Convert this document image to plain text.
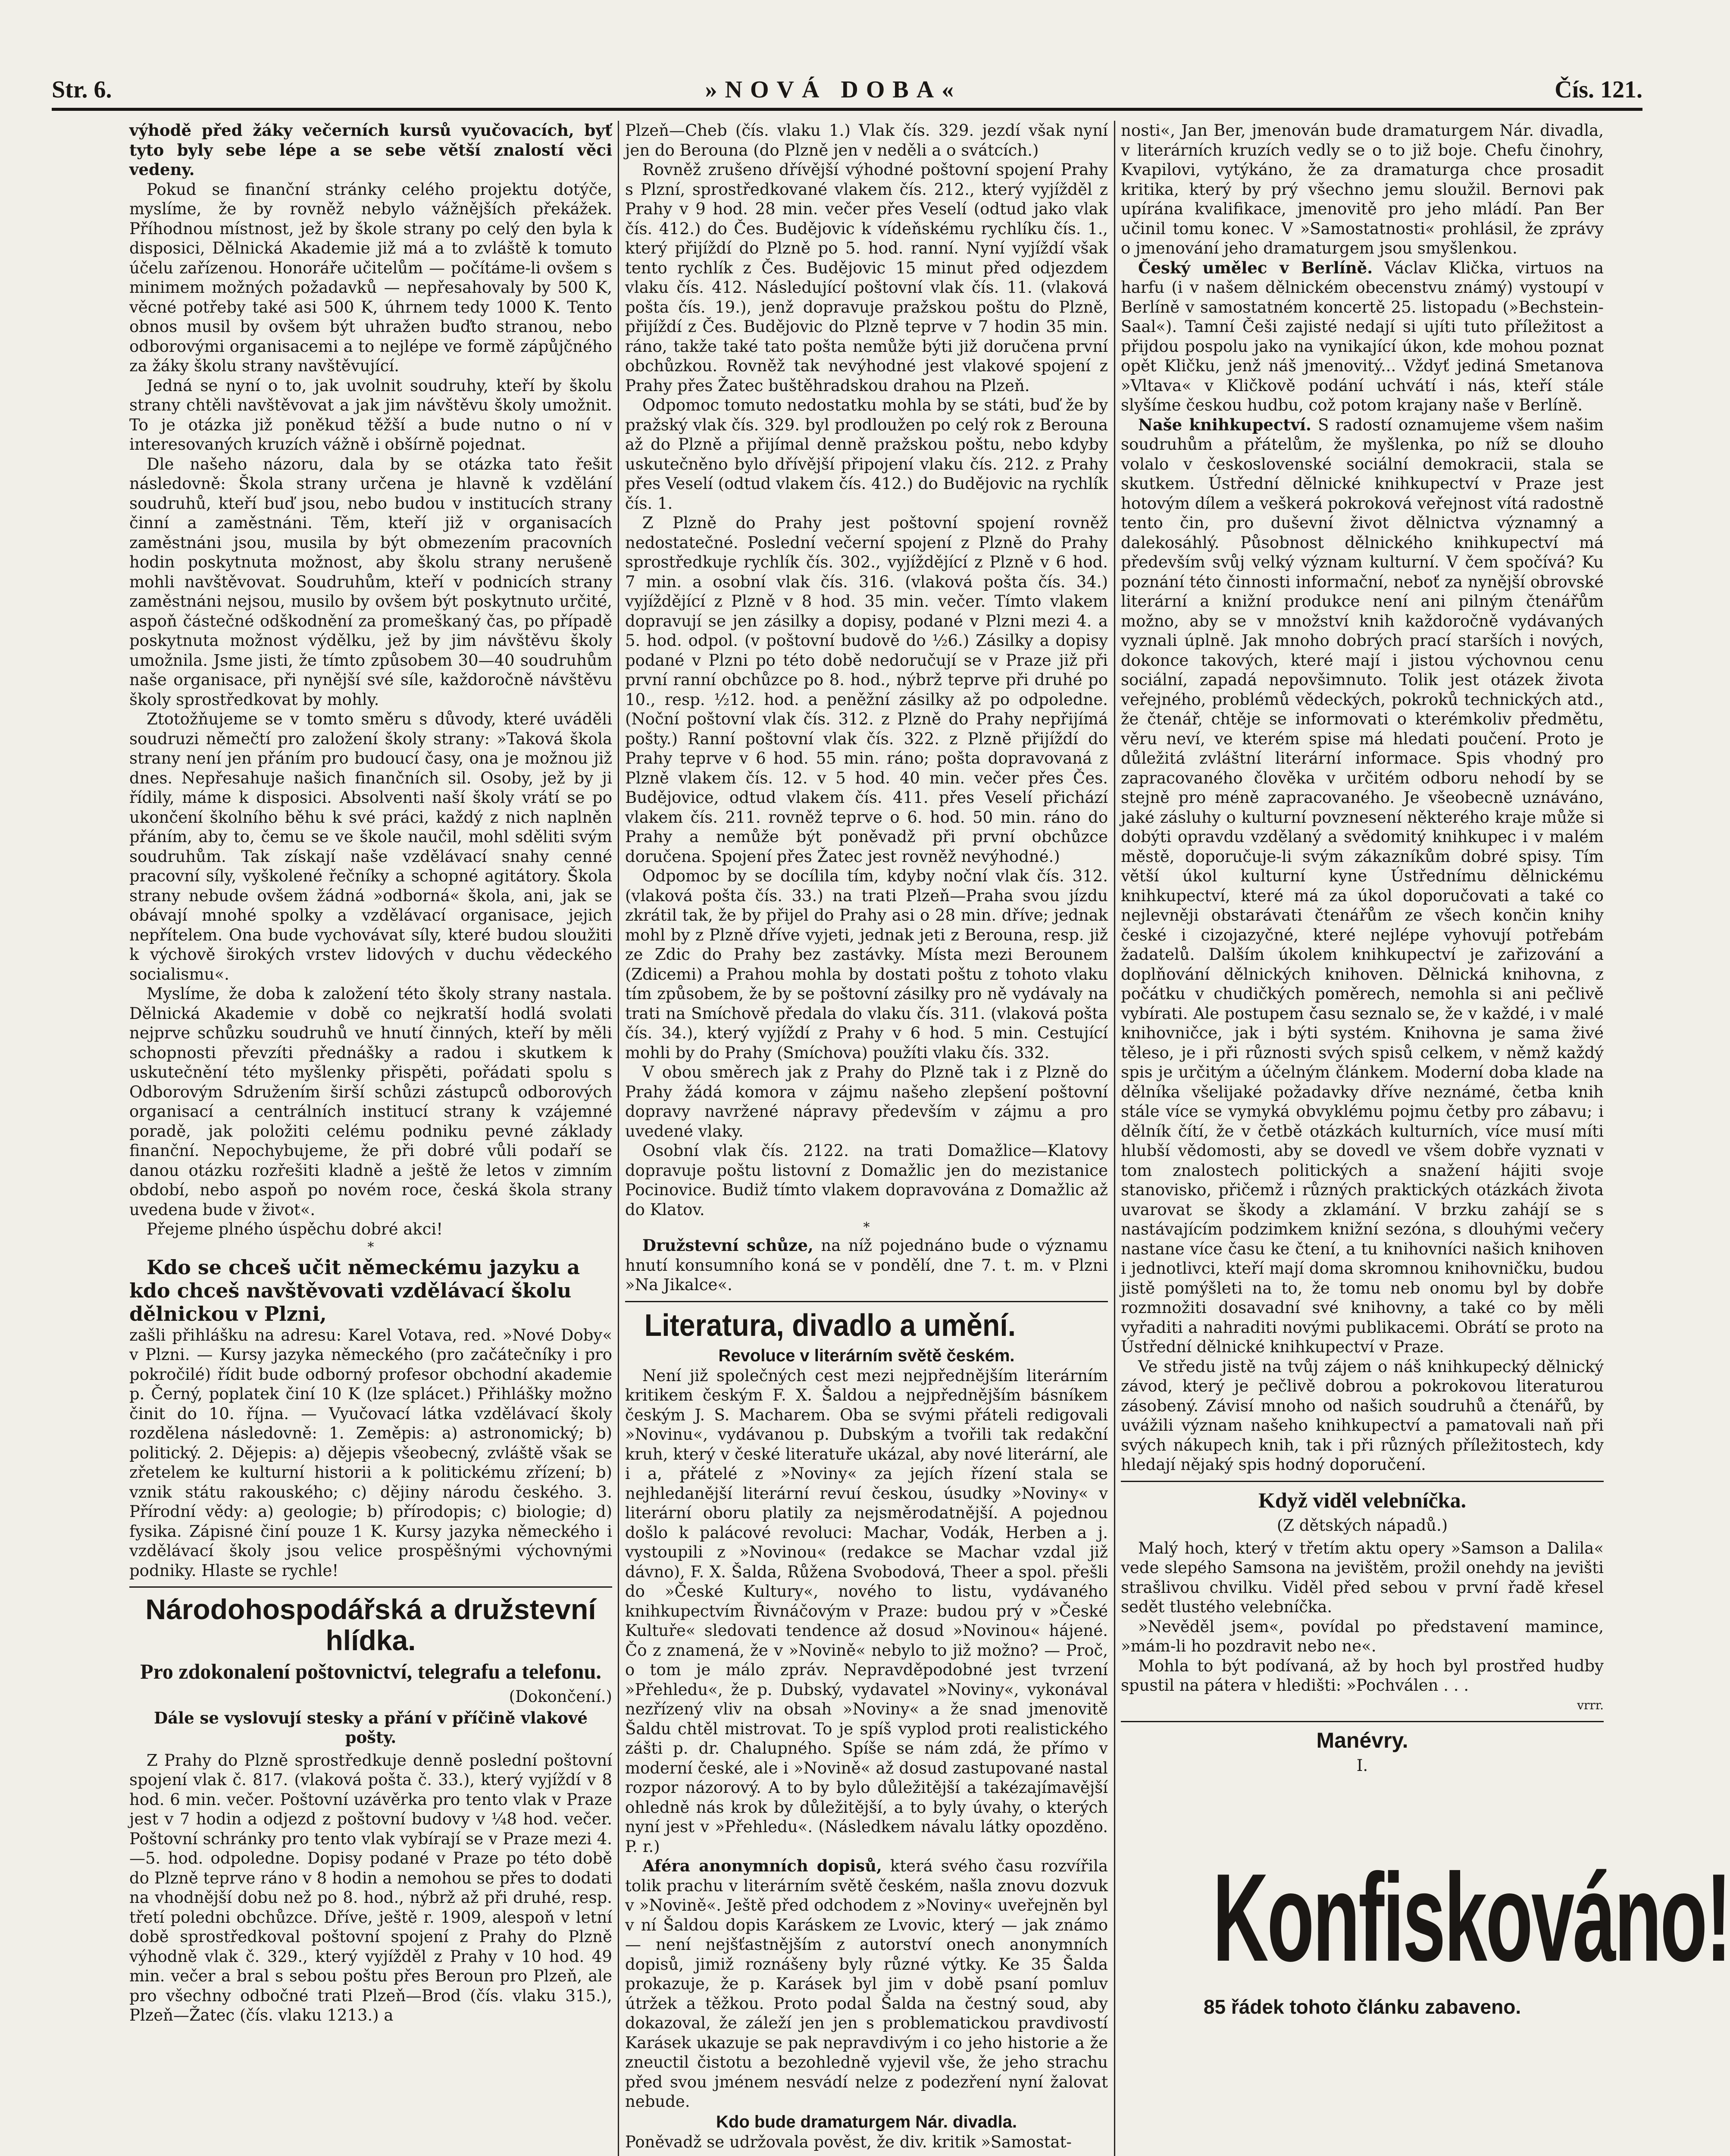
Str. 6.	»NOVÁ DOBA«	Čís. 121.

výhodě před žáky večerních kursů vyučovacích, byť tyto byly sebe lépe a se sebe větší znalostí věci vedeny.

Pokud se finanční stránky celého projektu dotýče, myslíme, že by rovněž nebylo vážnějších překážek. Příhodnou místnost, jež by škole strany po celý den byla k disposici, Dělnická Akademie již má a to zvláště k tomuto účelu zařízenou. Honoráře učitelům — počítáme-li ovšem s minimem možných požadavků — nepřesahovaly by 500 K, věcné potřeby také asi 500 K, úhrnem tedy 1000 K. Tento obnos musil by ovšem být uhražen buďto stranou, nebo odborovými organisacemi a to nejlépe ve formě zápůjčného za žáky školu strany navštěvující.

Jedná se nyní o to, jak uvolnit soudruhy, kteří by školu strany chtěli navštěvovat a jak jim návštěvu školy umožnit. To je otázka již poněkud těžší a bude nutno o ní v interesovaných kruzích vážně i obšírně pojednat.

Dle našeho názoru, dala by se otázka tato řešit následovně: Škola strany určena je hlavně k vzdělání soudruhů, kteří buď jsou, nebo budou v institucích strany činní a zaměstnáni. Těm, kteří již v organisacích zaměstnáni jsou, musila by být obmezením pracovních hodin poskytnuta možnost, aby školu strany nerušeně mohli navštěvovat. Soudruhům, kteří v podnicích strany zaměstnáni nejsou, musilo by ovšem být poskytnuto určité, aspoň částečné odškodnění za promeškaný čas, po případě poskytnuta možnost výdělku, jež by jim návštěvu školy umožnila. Jsme jisti, že tímto způsobem 30—40 soudruhům naše organisace, při nynější své síle, každoročně návštěvu školy sprostředkovat by mohly.

Ztotožňujeme se v tomto směru s důvody, které uváděli soudruzi němečtí pro založení školy strany: »Taková škola strany není jen přáním pro budoucí časy, ona je možnou již dnes. Nepřesahuje našich finančních sil. Osoby, jež by ji řídily, máme k disposici. Absolventi naší školy vrátí se po ukončení školního běhu k své práci, každý z nich naplněn přáním, aby to, čemu se ve škole naučil, mohl sděliti svým soudruhům. Tak získají naše vzdělávací snahy cenné pracovní síly, vyškolené řečníky a schopné agitátory. Škola strany nebude ovšem žádná »odborná« škola, ani, jak se obávají mnohé spolky a vzdělávací organisace, jejich nepřítelem. Ona bude vychovávat síly, které budou sloužiti k výchově širokých vrstev lidových v duchu vědeckého socialismu«.

Myslíme, že doba k založení této školy strany nastala. Dělnická Akademie v době co nejkratší hodlá svolati nejprve schůzku soudruhů ve hnutí činných, kteří by měli schopnosti převzíti přednášky a radou i skutkem k uskutečnění této myšlenky přispěti, pořádati spolu s Odborovým Sdružením širší schůzi zástupců odborových organisací a centrálních institucí strany k vzájemné poradě, jak položiti celému podniku pevné základy finanční. Nepochybujeme, že při dobré vůli podaří se danou otázku rozřešiti kladně a ještě že letos v zimním období, nebo aspoň po novém roce, česká škola strany uvedena bude v život«.

Přejeme plného úspěchu dobré akci!

*

Kdo se chceš učit německému jazyku a kdo chceš navštěvovati vzdělávací školu dělnickou v Plzni,

zašli přihlášku na adresu: Karel Votava, red. »Nové Doby« v Plzni. — Kursy jazyka německého (pro začátečníky i pro pokročilé) řídit bude odborný profesor obchodní akademie p. Černý, poplatek činí 10 K (lze splácet.) Přihlášky možno činit do 10. října. — Vyučovací látka vzdělávací školy rozdělena následovně: 1. Zeměpis: a) astronomický; b) politický. 2. Dějepis: a) dějepis všeobecný, zvláště však se zřetelem ke kulturní historii a k politickému zřízení; b) vznik státu rakouského; c) dějiny národu českého. 3. Přírodní vědy: a) geologie; b) přírodopis; c) biologie; d) fysika. Zápisné činí pouze 1 K. Kursy jazyka německého i vzdělávací školy jsou velice prospěšnými výchovnými podniky. Hlaste se rychle!

Národohospodářská a družstevní hlídka.
Pro zdokonalení poštovnictví, telegrafu a telefonu.

(Dokončení.)

Dále se vyslovují stesky a přání v příčině vlakové pošty.

Z Prahy do Plzně sprostředkuje denně poslední poštovní spojení vlak č. 817. (vlaková pošta č. 33.), který vyjíždí v 8 hod. 6 min. večer. Poštovní uzávěrka pro tento vlak v Praze jest v 7 hodin a odjezd z poštovní budovy v ¼8 hod. večer. Poštovní schránky pro tento vlak vybírají se v Praze mezi 4.—5. hod. odpoledne. Dopisy podané v Praze po této době do Plzně teprve ráno v 8 hodin a nemohou se přes to dodati na vhodnější dobu než po 8. hod., nýbrž až při druhé, resp. třetí poledni obchůzce. Dříve, ještě r. 1909, alespoň v letní době sprostředkoval poštovní spojení z Prahy do Plzně výhodně vlak č. 329., který vyjížděl z Prahy v 10 hod. 49 min. večer a bral s sebou poštu přes Beroun pro Plzeň, ale pro všechny odbočné trati Plzeň—Brod (čís. vlaku 315.), Plzeň—Žatec (čís. vlaku 1213.) a

Plzeň—Cheb (čís. vlaku 1.) Vlak čís. 329. jezdí však nyní jen do Berouna (do Plzně jen v neděli a o svátcích.)

Rovněž zrušeno dřívější výhodné poštovní spojení Prahy s Plzní, sprostředkované vlakem čís. 212., který vyjížděl z Prahy v 9 hod. 28 min. večer přes Veselí (odtud jako vlak čís. 412.) do Čes. Budějovic k vídeňskému rychlíku čís. 1., který přijíždí do Plzně po 5. hod. ranní. Nyní vyjíždí však tento rychlík z Čes. Budějovic 15 minut před odjezdem vlaku čís. 412. Následující poštovní vlak čís. 11. (vlaková pošta čís. 19.), jenž dopravuje pražskou poštu do Plzně, přijíždí z Čes. Budějovic do Plzně teprve v 7 hodin 35 min. ráno, takže také tato pošta nemůže býti již doručena první obchůzkou. Rovněž tak nevýhodné jest vlakové spojení z Prahy přes Žatec buštěhradskou drahou na Plzeň.

Odpomoc tomuto nedostatku mohla by se státi, buď že by pražský vlak čís. 329. byl prodloužen po celý rok z Berouna až do Plzně a přijímal denně pražskou poštu, nebo kdyby uskutečněno bylo dřívější připojení vlaku čís. 212. z Prahy přes Veselí (odtud vlakem čís. 412.) do Budějovic na rychlík čís. 1.

Z Plzně do Prahy jest poštovní spojení rovněž nedostatečné. Poslední večerní spojení z Plzně do Prahy sprostředkuje rychlík čís. 302., vyjíždějící z Plzně v 6 hod. 7 min. a osobní vlak čís. 316. (vlaková pošta čís. 34.) vyjíždějící z Plzně v 8 hod. 35 min. večer. Tímto vlakem dopravují se jen zásilky a dopisy, podané v Plzni mezi 4. a 5. hod. odpol. (v poštovní budově do ½6.) Zásilky a dopisy podané v Plzni po této době nedoručují se v Praze již při první ranní obchůzce po 8. hod., nýbrž teprve při druhé po 10., resp. ½12. hod. a peněžní zásilky až po odpoledne. (Noční poštovní vlak čís. 312. z Plzně do Prahy nepřijímá pošty.) Ranní poštovní vlak čís. 322. z Plzně přijíždí do Prahy teprve v 6 hod. 55 min. ráno; pošta dopravovaná z Plzně vlakem čís. 12. v 5 hod. 40 min. večer přes Čes. Budějovice, odtud vlakem čís. 411. přes Veselí přichází vlakem čís. 211. rovněž teprve o 6. hod. 50 min. ráno do Prahy a nemůže být poněvadž při první obchůzce doručena. Spojení přes Žatec jest rovněž nevýhodné.)

Odpomoc by se docílila tím, kdyby noční vlak čís. 312. (vlaková pošta čís. 33.) na trati Plzeň—Praha svou jízdu zkrátil tak, že by přijel do Prahy asi o 28 min. dříve; jednak mohl by z Plzně dříve vyjeti, jednak jeti z Berouna, resp. již ze Zdic do Prahy bez zastávky. Místa mezi Berounem (Zdicemi) a Prahou mohla by dostati poštu z tohoto vlaku tím způsobem, že by se poštovní zásilky pro ně vydávaly na trati na Smíchově předala do vlaku čís. 311. (vlaková pošta čís. 34.), který vyjíždí z Prahy v 6 hod. 5 min. Cestující mohli by do Prahy (Smíchova) použíti vlaku čís. 332.

V obou směrech jak z Prahy do Plzně tak i z Plzně do Prahy žádá komora v zájmu našeho zlepšení poštovní dopravy navržené nápravy především v zájmu a pro uvedené vlaky.

Osobní vlak čís. 2122. na trati Domažlice—Klatovy dopravuje poštu listovní z Domažlic jen do mezistanice Pocinovice. Budiž tímto vlakem dopravována z Domažlic až do Klatov.

*

Družstevní schůze, na níž pojednáno bude o významu hnutí konsumního koná se v pondělí, dne 7. t. m. v Plzni »Na Jikalce«.

Literatura, divadlo a umění.
Revoluce v literárním světě českém.

Není již společných cest mezi nejpřednějším literárním kritikem českým F. X. Šaldou a nejpřednějším básníkem českým J. S. Macharem. Oba se svými přáteli redigovali »Novinu«, vydávanou p. Dubským a tvořili tak redakční kruh, který v české literatuře ukázal, aby nové literární, ale i a, přátelé z »Noviny« za jejích řízení stala se nejhledanější literární revuí českou, úsudky »Noviny« v literární oboru platily za nejsměrodatnější. A pojednou došlo k palácové revoluci: Machar, Vodák, Herben a j. vystoupili z »Novinou« (redakce se Machar vzdal již dávno), F. X. Šalda, Růžena Svobodová, Theer a spol. přešli do »České Kultury«, nového to listu, vydávaného knihkupectvím Řivnáčovým v Praze: budou prý v »České Kultuře« sledovati tendence až dosud »Novinou« hájené. Čo z znamená, že v »Novině« nebylo to již možno? — Proč, o tom je málo zpráv. Nepravděpodobné jest tvrzení »Přehledu«, že p. Dubský, vydavatel »Noviny«, vykonával nezřízený vliv na obsah »Noviny« a že snad jmenovitě Šaldu chtěl mistrovat. To je spíš vyplod proti realistického zášti p. dr. Chalupného. Spíše se nám zdá, že přímo v moderní české, ale i »Novině« až dosud zastupované nastal rozpor názorový. A to by bylo důležitější a takézajímavější ohledně nás krok by důležitější, a to byly úvahy, o kterých nyní jest v »Přehledu«. (Následkem návalu látky opozděno. P. r.)

Aféra anonymních dopisů, která svého času rozvířila tolik prachu v literárním světě českém, našla znovu dozvuk v »Novině«. Ještě před odchodem z »Noviny« uveřejněn byl v ní Šaldou dopis Karáskem ze Lvovic, který — jak známo — není nejšťastnějším z autorství onech anonymních dopisů, jimiž roznášeny byly různé výtky. Ke 35 Šalda prokazuje, že p. Karásek byl jim v době psaní pomluv útržek a těžkou. Proto podal Šalda na čestný soud, aby dokazoval, že záleží jen jen s problematickou pravdivostí Karásek ukazuje se pak nepravdivým i co jeho historie a že zneuctil čistotu a bezohledně vyjevil vše, že jeho strachu před svou jménem nesvádí nelze z podezření nyní žalovat nebude.

Kdo bude dramaturgem Nár. divadla.

Poněvadž se udržovala pověst, že div. kritik »Samostat-

nosti«, Jan Ber, jmenován bude dramaturgem Nár. divadla, v literárních kruzích vedly se o to již boje. Chefu činohry, Kvapilovi, vytýkáno, že za dramaturga chce prosadit kritika, který by prý všechno jemu sloužil. Bernovi pak upírána kvalifikace, jmenovitě pro jeho mládí. Pan Ber učinil tomu konec. V »Samostatnosti« prohlásil, že zprávy o jmenování jeho dramaturgem jsou smyšlenkou.

Český umělec v Berlíně. Václav Klička, virtuos na harfu (i v našem dělnickém obecenstvu známý) vystoupí v Berlíně v samostatném koncertě 25. listopadu (»Bechstein-Saal«). Tamní Češi zajisté nedají si ujíti tuto příležitost a přijdou pospolu jako na vynikající úkon, kde mohou poznat opět Kličku, jenž náš jmenovitý... Vždyť jediná Smetanova »Vltava« v Kličkově podání uchvátí i nás, kteří stále slyšíme českou hudbu, což potom krajany naše v Berlíně.

Naše knihkupectví. S radostí oznamujeme všem našim soudruhům a přátelům, že myšlenka, po níž se dlouho volalo v československé sociální demokracii, stala se skutkem. Ústřední dělnické knihkupectví v Praze jest hotovým dílem a veškerá pokroková veřejnost vítá radostně tento čin, pro duševní život dělnictva významný a dalekosáhlý. Působnost dělnického knihkupectví má především svůj velký význam kulturní. V čem spočívá? Ku poznání této činnosti informační, neboť za nynější obrovské literární a knižní produkce není ani pilným čtenářům možno, aby se v množství knih každoročně vydávaných vyznali úplně. Jak mnoho dobrých prací starších i nových, dokonce takových, které mají i jistou výchovnou cenu sociální, zapadá nepovšimnuto. Tolik jest otázek života veřejného, problémů vědeckých, pokroků technických atd., že čtenář, chtěje se informovati o kterémkoliv předmětu, věru neví, ve kterém spise má hledati poučení. Proto je důležitá zvláštní literární informace. Spis vhodný pro zapracovaného člověka v určitém odboru nehodí by se stejně pro méně zapracovaného. Je všeobecně uznáváno, jaké zásluhy o kulturní povznesení některého kraje může si dobýti opravdu vzdělaný a svědomitý knihkupec i v malém městě, doporučuje-li svým zákazníkům dobré spisy. Tím větší úkol kulturní kyne Ústřednímu dělnickému knihkupectví, které má za úkol doporučovati a také co nejlevněji obstarávati čtenářům ze všech končin knihy české i cizojazyčné, které nejlépe vyhovují potřebám žadatelů. Dalším úkolem knihkupectví je zařizování a doplňování dělnických knihoven. Dělnická knihovna, z počátku v chudičkých poměrech, nemohla si ani pečlivě vybírati. Ale postupem času seznalo se, že v každé, i v malé knihovničce, jak i býti systém. Knihovna je sama živé těleso, je i při různosti svých spisů celkem, v němž každý spis je určitým a účelným článkem. Moderní doba klade na dělníka všelijaké požadavky dříve neznámé, četba knih stále více se vymyká obvyklému pojmu četby pro zábavu; i dělník čítí, že v četbě otázkách kulturních, více musí míti hlubší vědomosti, aby se dovedl ve všem dobře vyznati v tom znalostech politických a snažení hájiti svoje stanovisko, přičemž i různých praktických otázkách života uvarovat se škody a zklamání. V brzku zahájí se s nastávajícím podzimkem knižní sezóna, s dlouhými večery nastane více času ke čtení, a tu knihovníci našich knihoven i jednotlivci, kteří mají doma skromnou knihovničku, budou jistě pomýšleti na to, že tomu neb onomu byl by dobře rozmnožiti dosavadní své knihovny, a také co by měli vyřaditi a nahraditi novými publikacemi. Obrátí se proto na Ústřední dělnické knihkupectví v Praze.

Ve středu jistě na tvůj zájem o náš knihkupecký dělnický závod, který je pečlivě dobrou a pokrokovou literaturou zásobený. Závisí mnoho od našich soudruhů a čtenářů, by uvážili význam našeho knihkupectví a pamatovali naň při svých nákupech knih, tak i při různých příležitostech, kdy hledají nějaký spis hodný doporučení.

Když viděl velebníčka.
(Z dětských nápadů.)

Malý hoch, který v třetím aktu opery »Samson a Dalila« vede slepého Samsona na jevištěm, prožil onehdy na jevišti strašlivou chvilku. Viděl před sebou v první řadě křesel sedět tlustého velebníčka.

»Nevěděl jsem«, povídal po představení mamince, »mám-li ho pozdravit nebo ne«.

Mohla to být podívaná, až by hoch byl prostřed hudby spustil na pátera v hledišti: »Pochválen . . .

vrrr.

Manévry.
I.
Konfiskováno!
85 řádek tohoto článku zabaveno.
